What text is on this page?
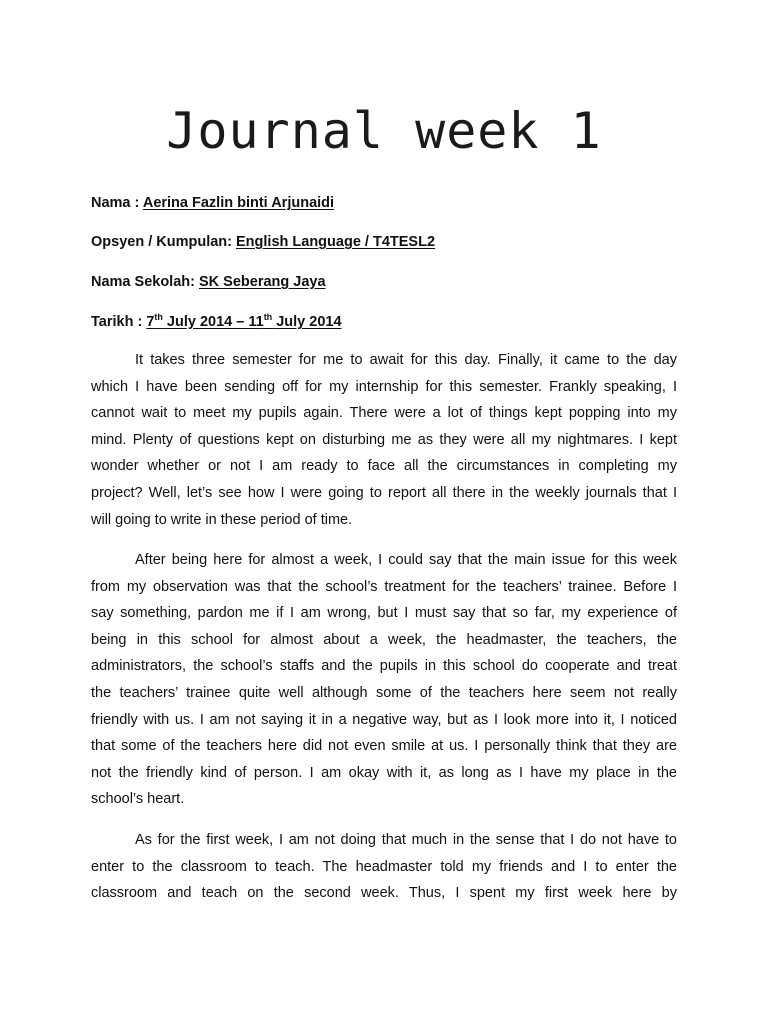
Journal week 1
Nama : Aerina Fazlin binti Arjunaidi
Opsyen / Kumpulan: English Language / T4TESL2
Nama Sekolah: SK Seberang Jaya
Tarikh : 7th July 2014 – 11th July 2014
It takes three semester for me to await for this day. Finally, it came to the day
which I have been sending off for my internship for this semester. Frankly speaking, I
cannot wait to meet my pupils again. There were a lot of things kept popping into my
mind. Plenty of questions kept on disturbing me as they were all my nightmares. I kept
wonder whether or not I am ready to face all the circumstances in completing my
project? Well, let’s see how I were going to report all there in the weekly journals that I
will going to write in these period of time.
After being here for almost a week, I could say that the main issue for this week
from my observation was that the school’s treatment for the teachers’ trainee. Before I
say something, pardon me if I am wrong, but I must say that so far, my experience of
being in this school for almost about a week, the headmaster, the teachers, the
administrators, the school’s staffs and the pupils in this school do cooperate and treat
the teachers’ trainee quite well although some of the teachers here seem not really
friendly with us. I am not saying it in a negative way, but as I look more into it, I noticed
that some of the teachers here did not even smile at us. I personally think that they are
not the friendly kind of person. I am okay with it, as long as I have my place in the
school’s heart.
As for the first week, I am not doing that much in the sense that I do not have to
enter to the classroom to teach. The headmaster told my friends and I to enter the
classroom and teach on the second week. Thus, I spent my first week here by
